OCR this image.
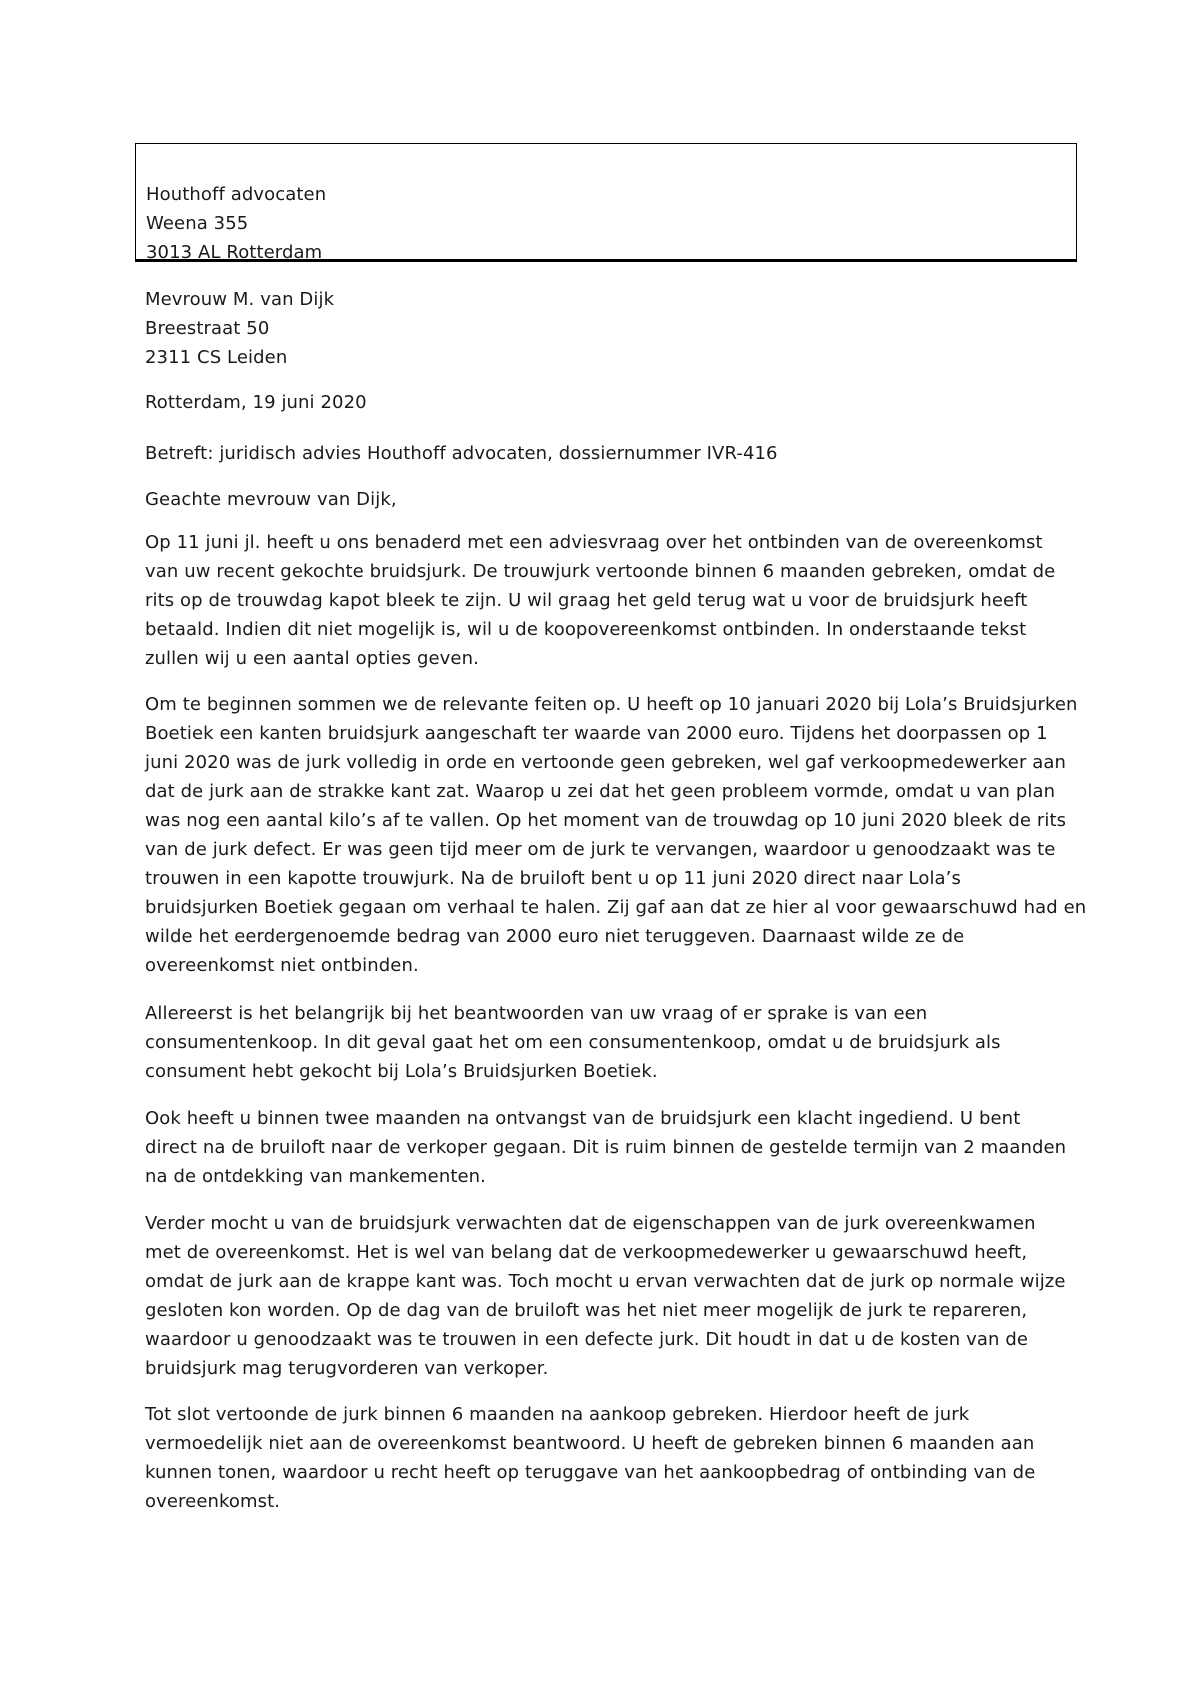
Houthoff advocaten
Weena 355
3013 AL Rotterdam
Mevrouw M. van Dijk
Breestraat 50
2311 CS Leiden
Rotterdam, 19 juni 2020
Betreft: juridisch advies Houthoff advocaten, dossiernummer IVR-416
Geachte mevrouw van Dijk,
Op 11 juni jl. heeft u ons benaderd met een adviesvraag over het ontbinden van de overeenkomst
van uw recent gekochte bruidsjurk. De trouwjurk vertoonde binnen 6 maanden gebreken, omdat de
rits op de trouwdag kapot bleek te zijn. U wil graag het geld terug wat u voor de bruidsjurk heeft
betaald. Indien dit niet mogelijk is, wil u de koopovereenkomst ontbinden. In onderstaande tekst
zullen wij u een aantal opties geven.
Om te beginnen sommen we de relevante feiten op. U heeft op 10 januari 2020 bij Lola’s Bruidsjurken
Boetiek een kanten bruidsjurk aangeschaft ter waarde van 2000 euro. Tijdens het doorpassen op 1
juni 2020 was de jurk volledig in orde en vertoonde geen gebreken, wel gaf verkoopmedewerker aan
dat de jurk aan de strakke kant zat. Waarop u zei dat het geen probleem vormde, omdat u van plan
was nog een aantal kilo’s af te vallen. Op het moment van de trouwdag op 10 juni 2020 bleek de rits
van de jurk defect. Er was geen tijd meer om de jurk te vervangen, waardoor u genoodzaakt was te
trouwen in een kapotte trouwjurk. Na de bruiloft bent u op 11 juni 2020 direct naar Lola’s
bruidsjurken Boetiek gegaan om verhaal te halen. Zij gaf aan dat ze hier al voor gewaarschuwd had en
wilde het eerdergenoemde bedrag van 2000 euro niet teruggeven. Daarnaast wilde ze de
overeenkomst niet ontbinden.
Allereerst is het belangrijk bij het beantwoorden van uw vraag of er sprake is van een
consumentenkoop. In dit geval gaat het om een consumentenkoop, omdat u de bruidsjurk als
consument hebt gekocht bij Lola’s Bruidsjurken Boetiek.
Ook heeft u binnen twee maanden na ontvangst van de bruidsjurk een klacht ingediend. U bent
direct na de bruiloft naar de verkoper gegaan. Dit is ruim binnen de gestelde termijn van 2 maanden
na de ontdekking van mankementen.
Verder mocht u van de bruidsjurk verwachten dat de eigenschappen van de jurk overeenkwamen
met de overeenkomst. Het is wel van belang dat de verkoopmedewerker u gewaarschuwd heeft,
omdat de jurk aan de krappe kant was. Toch mocht u ervan verwachten dat de jurk op normale wijze
gesloten kon worden. Op de dag van de bruiloft was het niet meer mogelijk de jurk te repareren,
waardoor u genoodzaakt was te trouwen in een defecte jurk. Dit houdt in dat u de kosten van de
bruidsjurk mag terugvorderen van verkoper.
Tot slot vertoonde de jurk binnen 6 maanden na aankoop gebreken. Hierdoor heeft de jurk
vermoedelijk niet aan de overeenkomst beantwoord. U heeft de gebreken binnen 6 maanden aan
kunnen tonen, waardoor u recht heeft op teruggave van het aankoopbedrag of ontbinding van de
overeenkomst.
